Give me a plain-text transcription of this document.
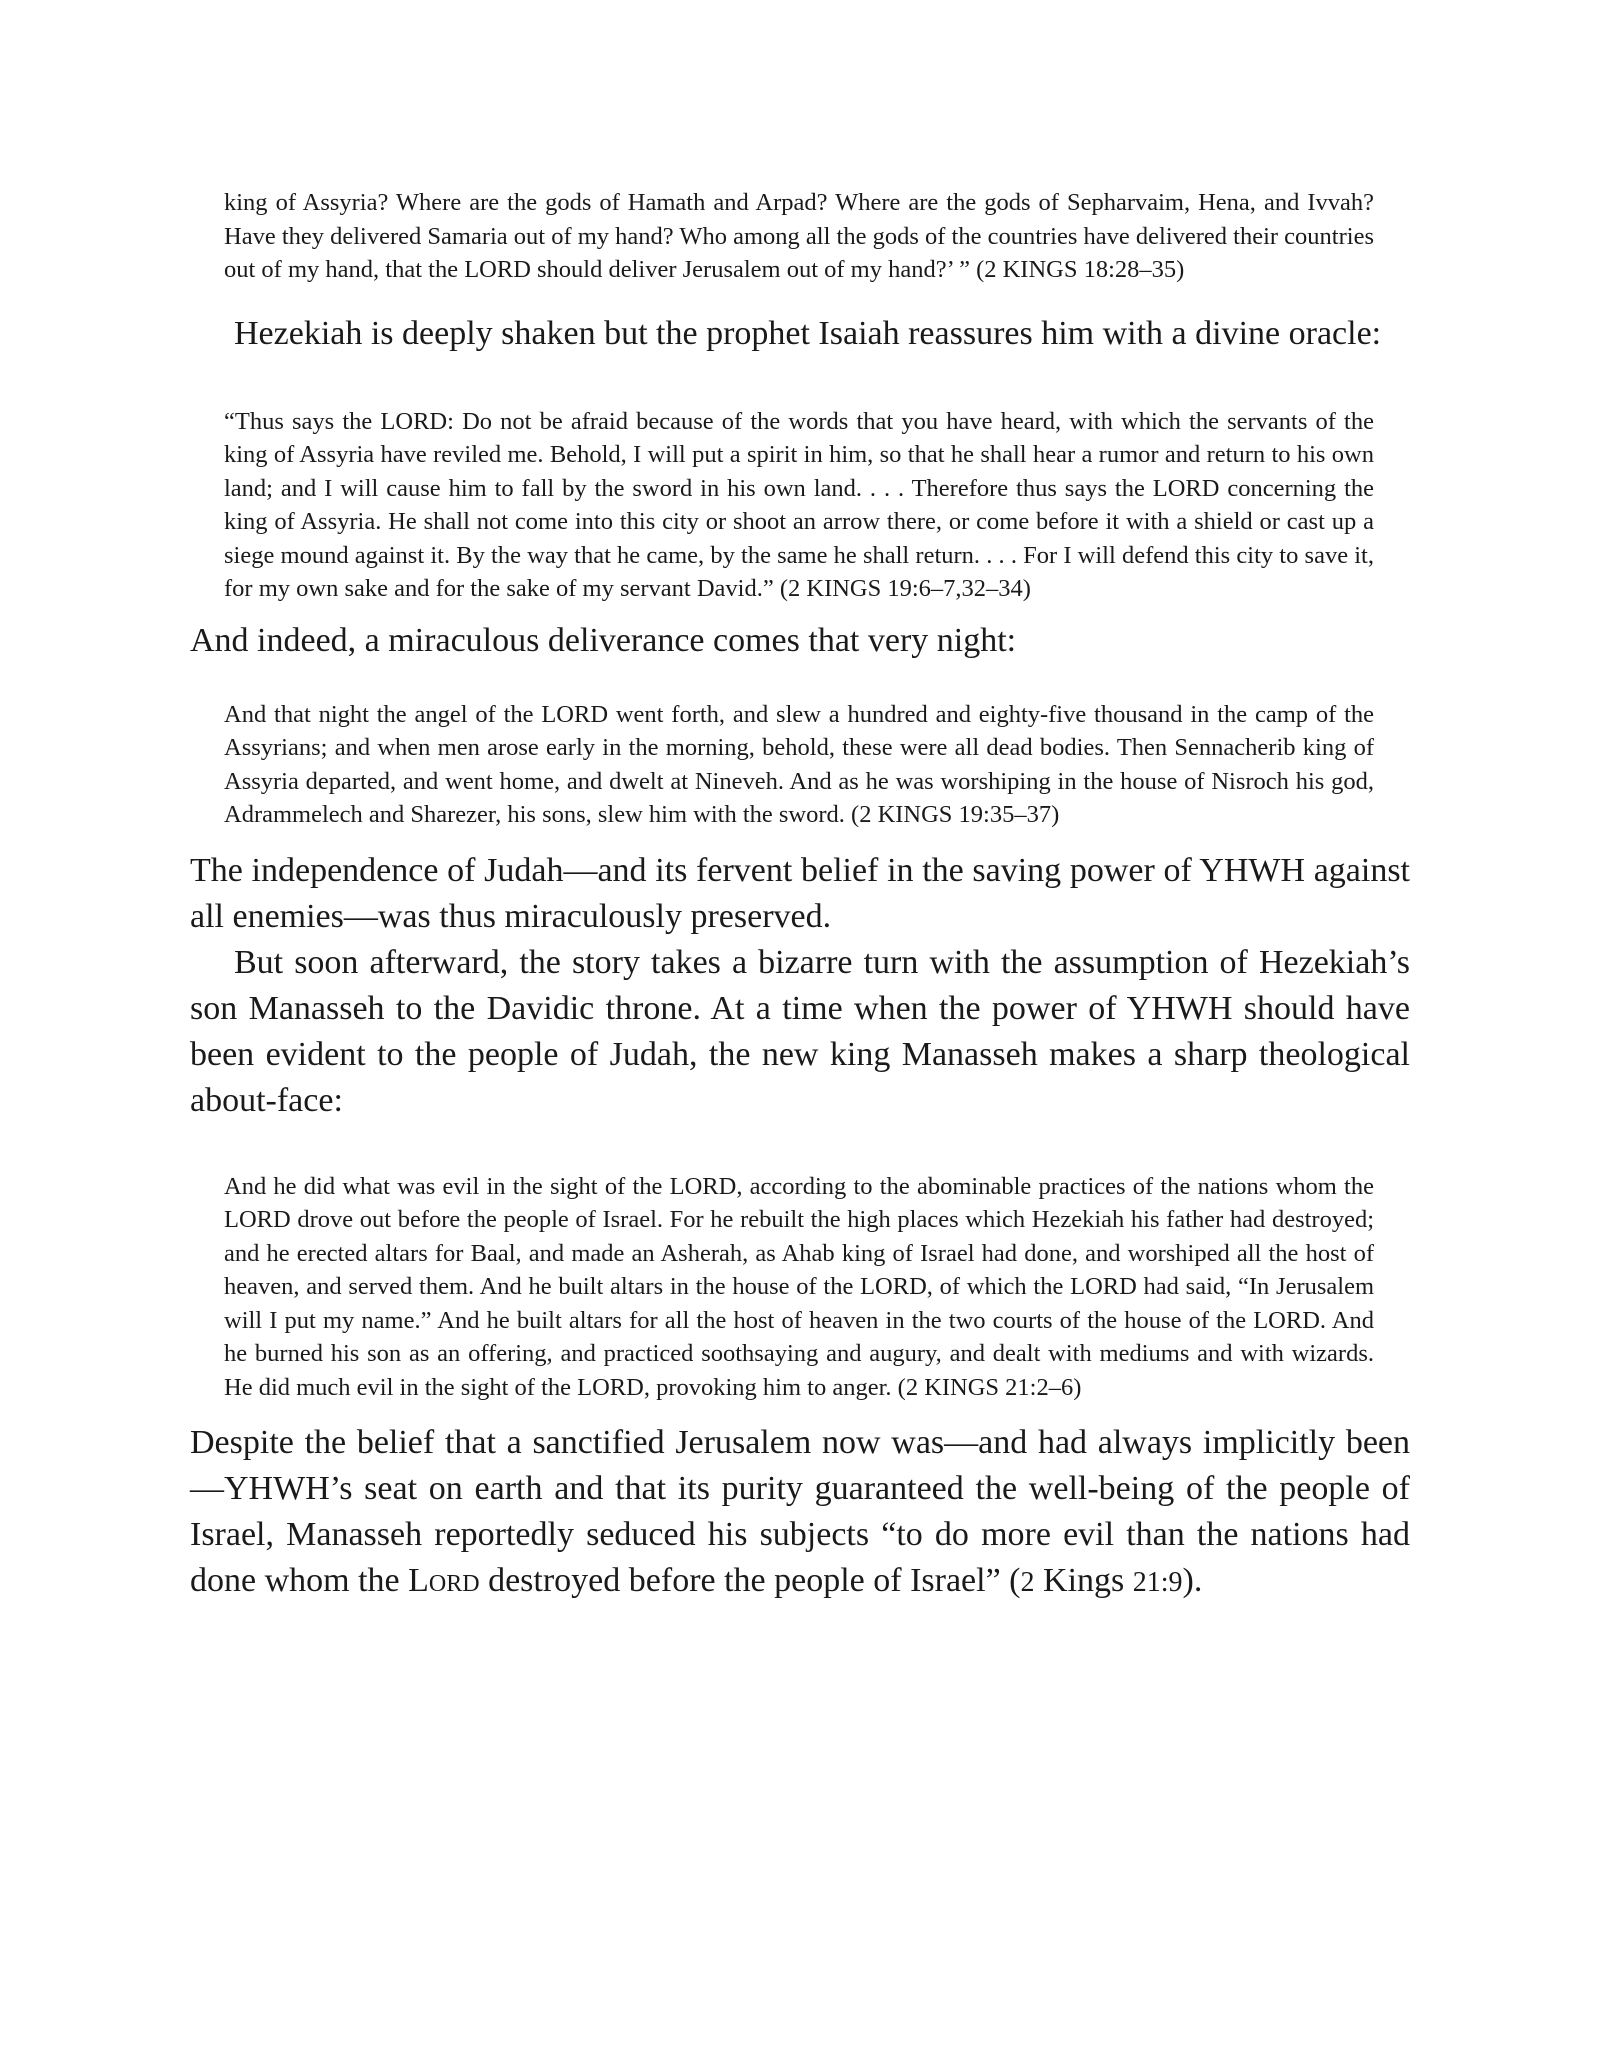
king of Assyria? Where are the gods of Hamath and Arpad? Where are the gods of Sepharvaim, Hena, and Ivvah? Have they delivered Samaria out of my hand? Who among all the gods of the countries have delivered their countries out of my hand, that the LORD should deliver Jerusalem out of my hand?’ ” (2 KINGS 18:28–35)
Hezekiah is deeply shaken but the prophet Isaiah reassures him with a divine oracle:
“Thus says the LORD: Do not be afraid because of the words that you have heard, with which the servants of the king of Assyria have reviled me. Behold, I will put a spirit in him, so that he shall hear a rumor and return to his own land; and I will cause him to fall by the sword in his own land. . . . Therefore thus says the LORD concerning the king of Assyria. He shall not come into this city or shoot an arrow there, or come before it with a shield or cast up a siege mound against it. By the way that he came, by the same he shall return. . . . For I will defend this city to save it, for my own sake and for the sake of my servant David.” (2 KINGS 19:6–7,32–34)
And indeed, a miraculous deliverance comes that very night:
And that night the angel of the LORD went forth, and slew a hundred and eighty-five thousand in the camp of the Assyrians; and when men arose early in the morning, behold, these were all dead bodies. Then Sennacherib king of Assyria departed, and went home, and dwelt at Nineveh. And as he was worshiping in the house of Nisroch his god, Adrammelech and Sharezer, his sons, slew him with the sword. (2 KINGS 19:35–37)
The independence of Judah—and its fervent belief in the saving power of YHWH against all enemies—was thus miraculously preserved.
But soon afterward, the story takes a bizarre turn with the assumption of Hezekiah’s son Manasseh to the Davidic throne. At a time when the power of YHWH should have been evident to the people of Judah, the new king Manasseh makes a sharp theological about-face:
And he did what was evil in the sight of the LORD, according to the abominable practices of the nations whom the LORD drove out before the people of Israel. For he rebuilt the high places which Hezekiah his father had destroyed; and he erected altars for Baal, and made an Asherah, as Ahab king of Israel had done, and worshiped all the host of heaven, and served them. And he built altars in the house of the LORD, of which the LORD had said, “In Jerusalem will I put my name.” And he built altars for all the host of heaven in the two courts of the house of the LORD. And he burned his son as an offering, and practiced soothsaying and augury, and dealt with mediums and with wizards. He did much evil in the sight of the LORD, provoking him to anger. (2 KINGS 21:2–6)
Despite the belief that a sanctified Jerusalem now was—and had always implicitly been—YHWH’s seat on earth and that its purity guaranteed the well-being of the people of Israel, Manasseh reportedly seduced his subjects “to do more evil than the nations had done whom the Lord destroyed before the people of Israel” (2 Kings 21:9).
